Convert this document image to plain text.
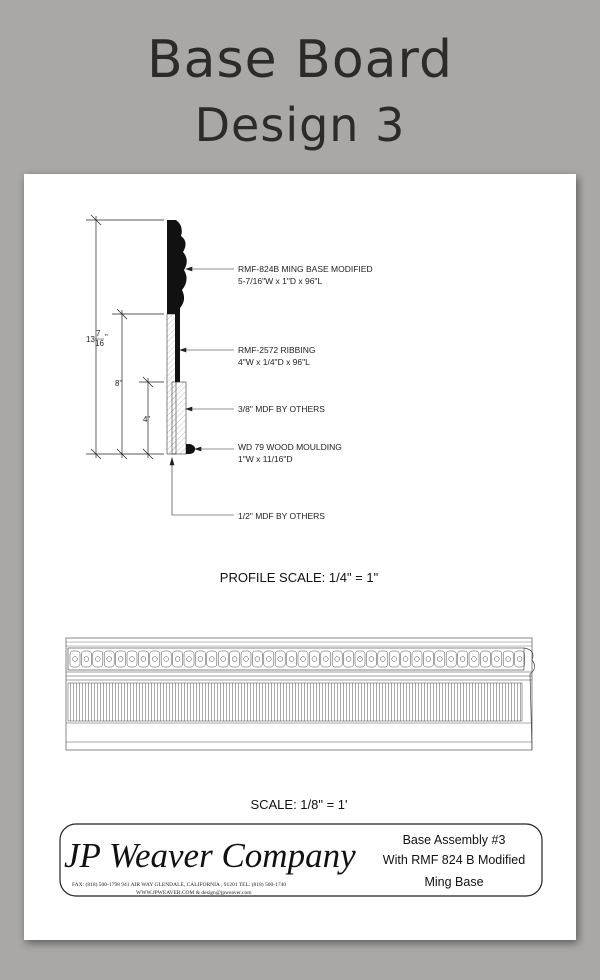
Base Board
Design 3
13
7
16
"
8"
4"
RMF-824B MING BASE MODIFIED
5-7/16"W x 1"D x 96"L
RMF-2572 RIBBING
4"W x 1/4"D x 96"L
3/8" MDF BY OTHERS
WD 79 WOOD MOULDING
1"W x 11/16"D
1/2" MDF BY OTHERS
PROFILE SCALE: 1/4" = 1"
SCALE: 1/8" = 1'
JP Weaver Company
FAX: (818) 500-1798 941 AIR WAY GLENDALE, CALIFORNIA , 91201 TEL: (818) 500-1740
WWW.JPWEAVER.COM & design@jpweaver.com
Base Assembly #3
With RMF 824 B Modified
Ming Base
